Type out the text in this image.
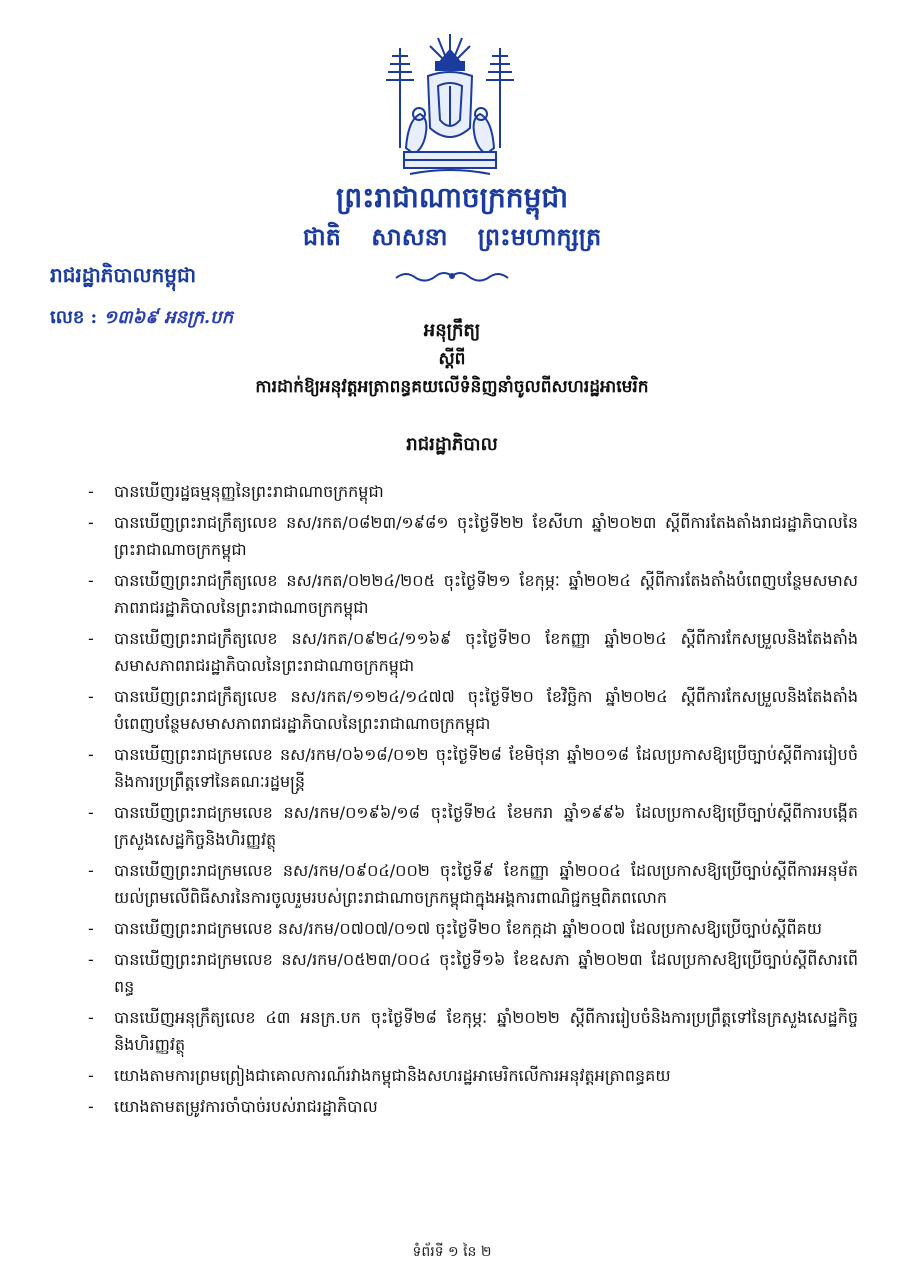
ព្រះរាជាណាចក្រកម្ពុជា
ជាតិ សាសនា ព្រះមហាក្សត្រ
រាជរដ្ឋាភិបាលកម្ពុជា
លេខ : ១៣៦៩ អនក្រ.បក
អនុក្រឹត្យ
ស្ដីពី
ការដាក់ឱ្យអនុវត្តអត្រាពន្ធគយលើទំនិញនាំចូលពីសហរដ្ឋអាមេរិក
រាជរដ្ឋាភិបាល
- បានឃើញរដ្ឋធម្មនុញ្ញនៃព្រះរាជាណាចក្រកម្ពុជា
- បានឃើញព្រះរាជក្រឹត្យលេខ នស/រកត/០៨២៣/១៩៨១ ចុះថ្ងៃទី២២ ខែសីហា ឆ្នាំ២០២៣ ស្តីពីការតែងតាំងរាជរដ្ឋាភិបាលនៃព្រះរាជាណាចក្រកម្ពុជា
- បានឃើញព្រះរាជក្រឹត្យលេខ នស/រកត/០២២៤/២០៥ ចុះថ្ងៃទី២១ ខែកុម្ភៈ ឆ្នាំ២០២៤ ស្តីពីការតែងតាំងបំពេញបន្ថែមសមាសភាពរាជរដ្ឋាភិបាលនៃព្រះរាជាណាចក្រកម្ពុជា
- បានឃើញព្រះរាជក្រឹត្យលេខ នស/រកត/០៩២៤/១១៦៩ ចុះថ្ងៃទី២០ ខែកញ្ញា ឆ្នាំ២០២៤ ស្តីពីការកែសម្រួលនិងតែងតាំងសមាសភាពរាជរដ្ឋាភិបាលនៃព្រះរាជាណាចក្រកម្ពុជា
- បានឃើញព្រះរាជក្រឹត្យលេខ នស/រកត/១១២៤/១៤៧៧ ចុះថ្ងៃទី២០ ខែវិច្ឆិកា ឆ្នាំ២០២៤ ស្តីពីការកែសម្រួលនិងតែងតាំងបំពេញបន្ថែមសមាសភាពរាជរដ្ឋាភិបាលនៃព្រះរាជាណាចក្រកម្ពុជា
- បានឃើញព្រះរាជក្រមលេខ នស/រកម/០៦១៨/០១២ ចុះថ្ងៃទី២៨ ខែមិថុនា ឆ្នាំ២០១៨ ដែលប្រកាសឱ្យប្រើច្បាប់ស្តីពីការរៀបចំនិងការប្រព្រឹត្តទៅនៃគណៈរដ្ឋមន្ត្រី
- បានឃើញព្រះរាជក្រមលេខ នស/រកម/០១៩៦/១៨ ចុះថ្ងៃទី២៤ ខែមករា ឆ្នាំ១៩៩៦ ដែលប្រកាសឱ្យប្រើច្បាប់ស្តីពីការបង្កើតក្រសួងសេដ្ឋកិច្ចនិងហិរញ្ញវត្ថុ
- បានឃើញព្រះរាជក្រមលេខ នស/រកម/០៩០៤/០០២ ចុះថ្ងៃទី៩ ខែកញ្ញា ឆ្នាំ២០០៤ ដែលប្រកាសឱ្យប្រើច្បាប់ស្តីពីការអនុម័តយល់ព្រមលើពិធីសារនៃការចូលរួមរបស់ព្រះរាជាណាចក្រកម្ពុជាក្នុងអង្គការពាណិជ្ជកម្មពិភពលោក
- បានឃើញព្រះរាជក្រមលេខ នស/រកម/០៧០៧/០១៧ ចុះថ្ងៃទី២០ ខែកក្កដា ឆ្នាំ២០០៧ ដែលប្រកាសឱ្យប្រើច្បាប់ស្តីពីគយ
- បានឃើញព្រះរាជក្រមលេខ នស/រកម/០៥២៣/០០៤ ចុះថ្ងៃទី១៦ ខែឧសភា ឆ្នាំ២០២៣ ដែលប្រកាសឱ្យប្រើច្បាប់ស្តីពីសារពើពន្ធ
- បានឃើញអនុក្រឹត្យលេខ ៤៣ អនក្រ.បក ចុះថ្ងៃទី២៨ ខែកុម្ភៈ ឆ្នាំ២០២២ ស្តីពីការរៀបចំនិងការប្រព្រឹត្តទៅនៃក្រសួងសេដ្ឋកិច្ចនិងហិរញ្ញវត្ថុ
- យោងតាមការព្រមព្រៀងជាគោលការណ៍រវាងកម្ពុជានិងសហរដ្ឋអាមេរិកលើការអនុវត្តអត្រាពន្ធគយ
- យោងតាមតម្រូវការចាំបាច់របស់រាជរដ្ឋាភិបាល
ទំព័រទី ១ នៃ ២
